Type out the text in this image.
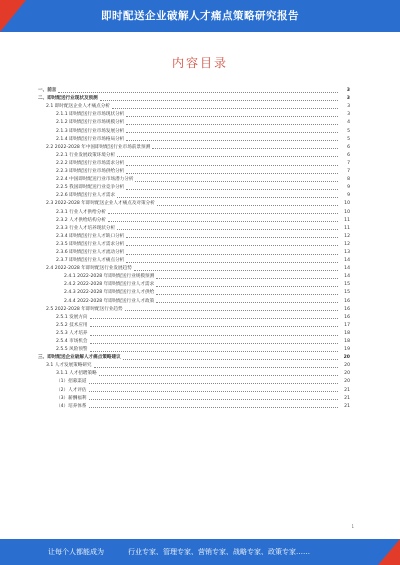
即时配送企业破解人才痛点策略研究报告
内容目录
一、前言	3
二、即时配送行业现状及预测	3
2.1 即时配送企业人才痛点分析	3
2.1.1 即时配送行业市场现状分析	3
2.1.2 即时配送行业市场规模分析	4
2.1.3 即时配送行业市场发展分析	5
2.1.4 即时配送行业市场格局分析	5
2.2 2022-2028 年中国即时配送行业市场前景预测	6
2.2.1 行业发展政策环境分析	6
2.2.2 即时配送行业市场需求分析	7
2.2.3 即时配送行业市场供给分析	7
2.2.4 中国即时配送行业市场潜力分析	8
2.2.5 我国即时配送行业竞争分析	9
2.2.6 即时配送行业人才需求	9
2.3 2022-2028 年即时配送企业人才痛点及对策分析	10
2.3.1 行业人才供给分析	10
2.3.2 人才供给结构分析	11
2.3.3 行业人才培养现状分析	11
2.3.4 即时配送行业人才缺口分析	12
2.3.5 即时配送行业人才需求分析	12
2.3.6 即时配送行业人才流动分析	13
2.3.7 即时配送行业人才痛点分析	14
2.4 2022-2028 年即时配送行业发展趋势	14
2.4.1 2022-2028 年即时配送行业规模预测	14
2.4.2 2022-2028 年即时配送行业人才需求	15
2.4.3 2022-2028 年即时配送行业人才供给	15
2.4.4 2022-2028 年即时配送行业人才政策	16
2.5 2022-2028 年即时配送行业趋势	16
2.5.1 发展方向	16
2.5.2 技术应用	17
2.5.3 人才培养	18
2.5.4 市场机会	18
2.5.5 风险预警	19
三、即时配送企业破解人才痛点策略建议	20
3.1 人才发展策略研究	20
3.1.1 人才招聘策略	20
（1）招募渠道	20
（2）人才评估	21
（3）薪酬福利	21
（4）培养体系	21
1
让每个人都能成为	行业专家、管理专家、营销专家、战略专家、政策专家……
